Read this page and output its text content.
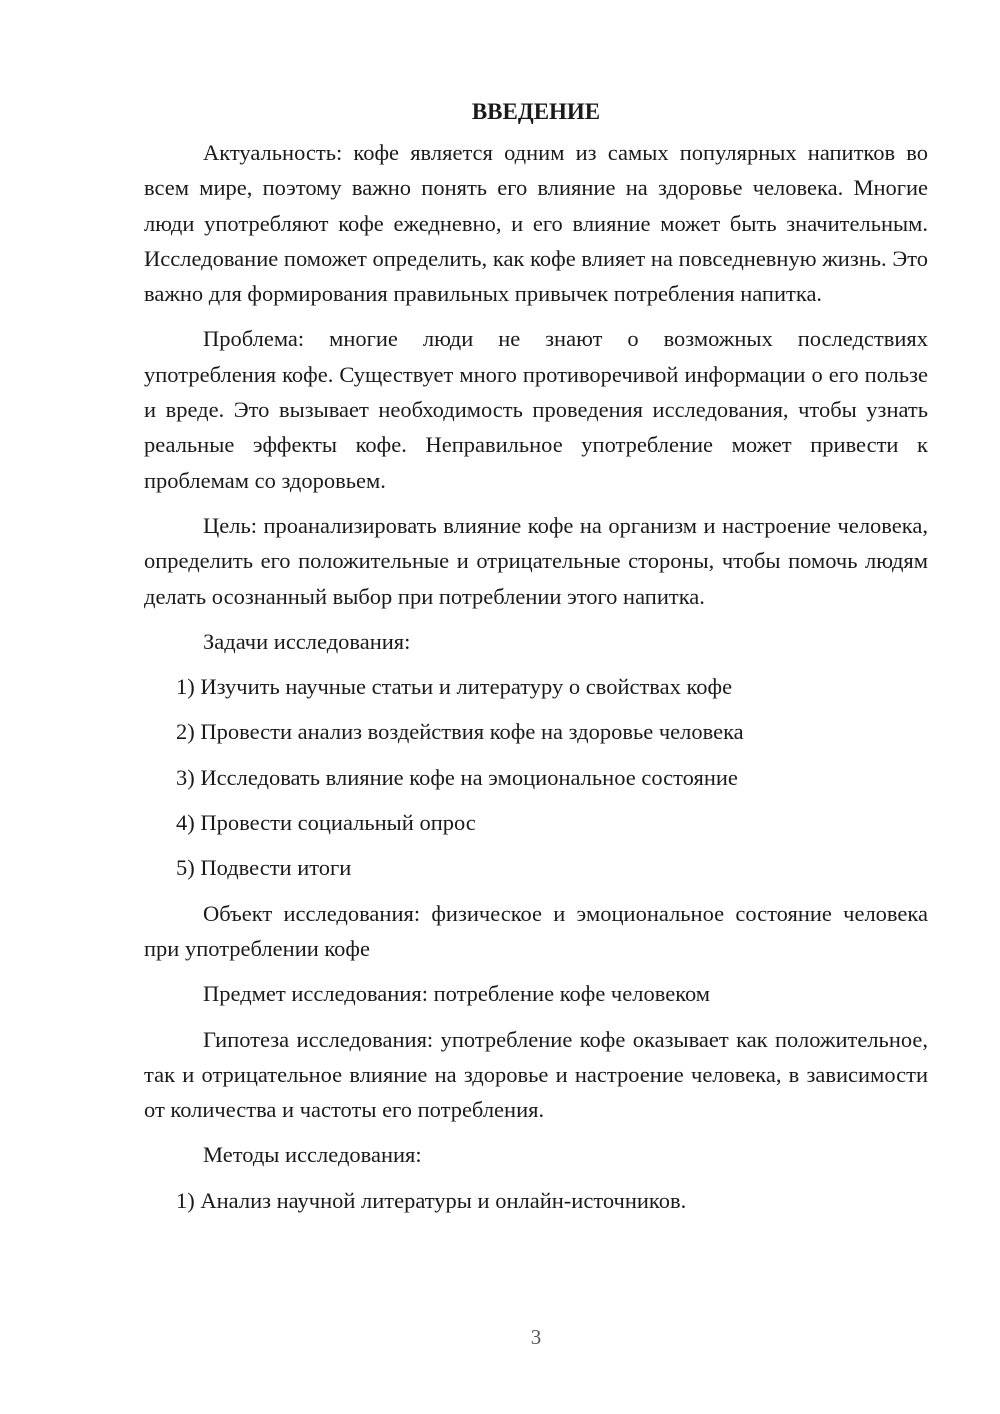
ВВЕДЕНИЕ

Актуальность: кофе является одним из самых популярных напитков во всем мире, поэтому важно понять его влияние на здоровье человека. Многие люди употребляют кофе ежедневно, и его влияние может быть значительным. Исследование поможет определить, как кофе влияет на повседневную жизнь. Это важно для формирования правильных привычек потребления напитка.

Проблема: многие люди не знают о возможных последствиях употребления кофе. Существует много противоречивой информации о его пользе и вреде. Это вызывает необходимость проведения исследования, чтобы узнать реальные эффекты кофе. Неправильное употребление может привести к проблемам со здоровьем.

Цель: проанализировать влияние кофе на организм и настроение человека, определить его положительные и отрицательные стороны, чтобы помочь людям делать осознанный выбор при потреблении этого напитка.

Задачи исследования:

1) Изучить научные статьи и литературу о свойствах кофе
2) Провести анализ воздействия кофе на здоровье человека
3) Исследовать влияние кофе на эмоциональное состояние
4) Провести социальный опрос
5) Подвести итоги

Объект исследования: физическое и эмоциональное состояние человека при употреблении кофе

Предмет исследования: потребление кофе человеком

Гипотеза исследования: употребление кофе оказывает как положительное, так и отрицательное влияние на здоровье и настроение человека, в зависимости от количества и частоты его потребления.

Методы исследования:

1) Анализ научной литературы и онлайн-источников.
3
